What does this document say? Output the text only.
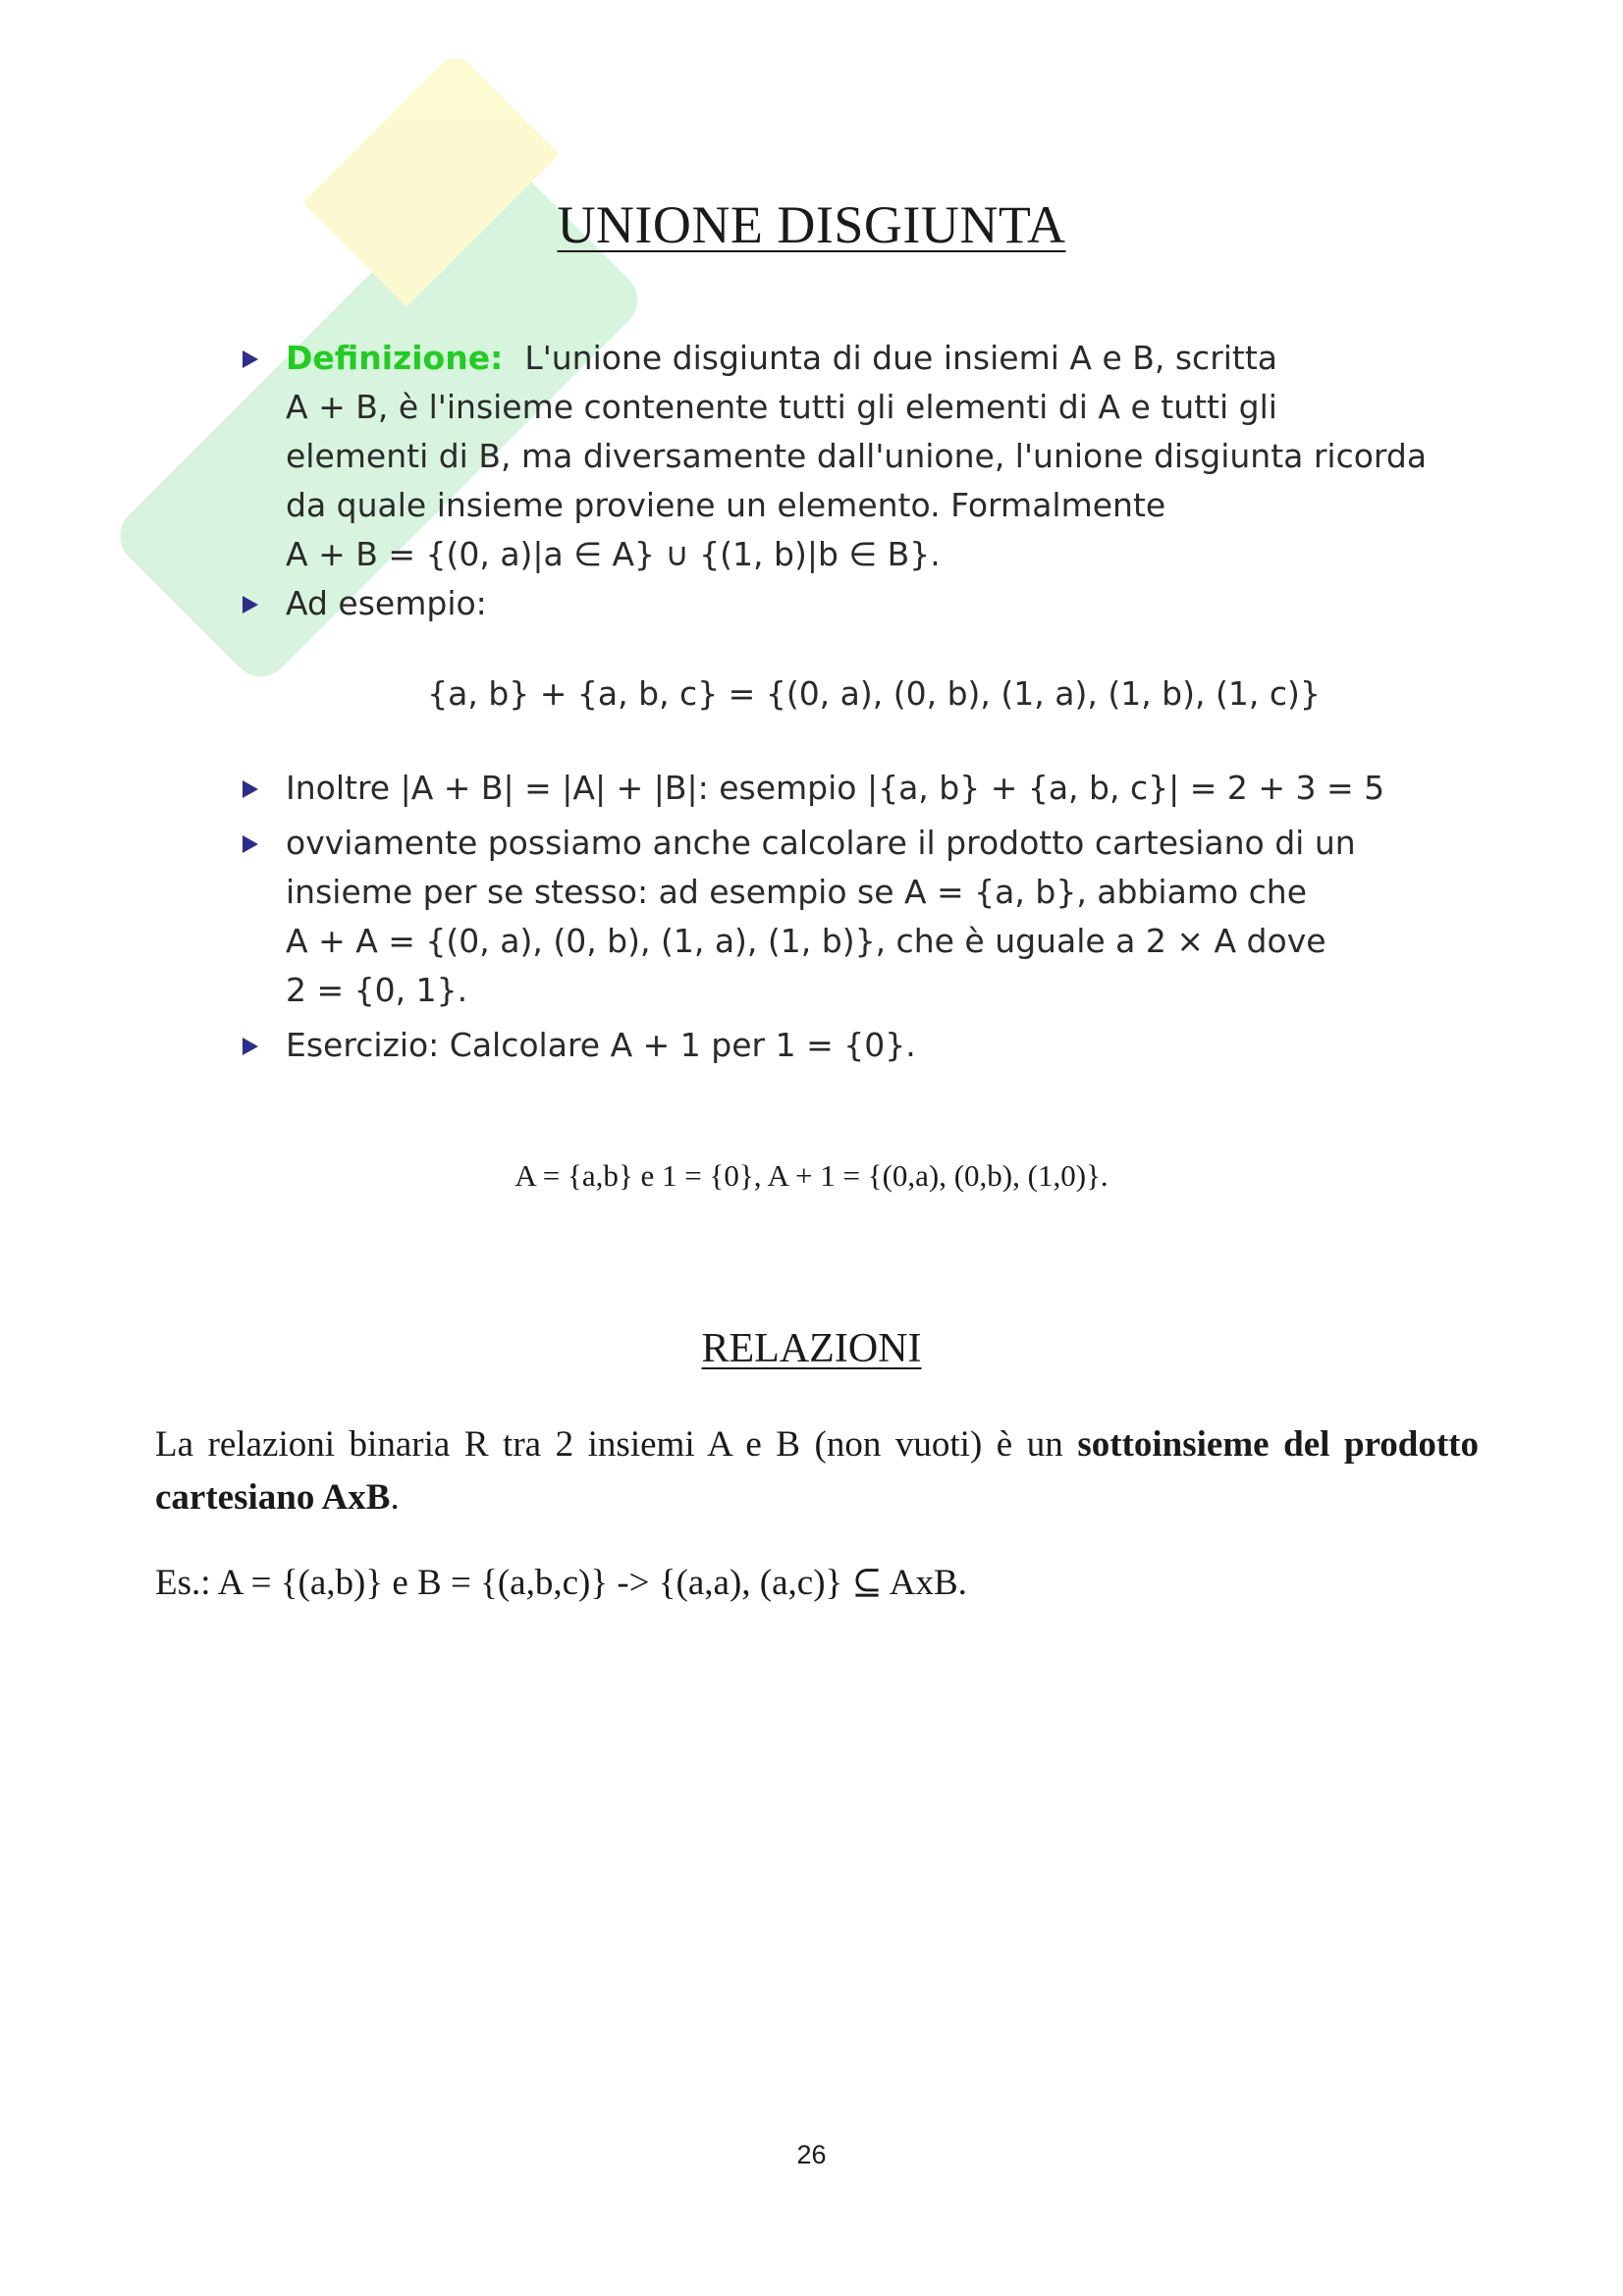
UNIONE DISGIUNTA
Definizione: L'unione disgiunta di due insiemi A e B, scritta
A + B, è l'insieme contenente tutti gli elementi di A e tutti gli
elementi di B, ma diversamente dall'unione, l'unione disgiunta ricorda
da quale insieme proviene un elemento. Formalmente
A + B = {(0, a)|a ∈ A} ∪ {(1, b)|b ∈ B}.
Ad esempio:
{a, b} + {a, b, c} = {(0, a), (0, b), (1, a), (1, b), (1, c)}
Inoltre |A + B| = |A| + |B|: esempio |{a, b} + {a, b, c}| = 2 + 3 = 5
ovviamente possiamo anche calcolare il prodotto cartesiano di un
insieme per se stesso: ad esempio se A = {a, b}, abbiamo che
A + A = {(0, a), (0, b), (1, a), (1, b)}, che è uguale a 2 × A dove
2 = {0, 1}.
Esercizio: Calcolare A + 1 per 1 = {0}.
A = {a,b} e 1 = {0}, A + 1 = {(0,a), (0,b), (1,0)}.
RELAZIONI
La relazioni binaria R tra 2 insiemi A e B (non vuoti) è un sottoinsieme del prodotto cartesiano AxB.
Es.: A = {(a,b)} e B = {(a,b,c)} -> {(a,a), (a,c)} ⊆ AxB.
26
